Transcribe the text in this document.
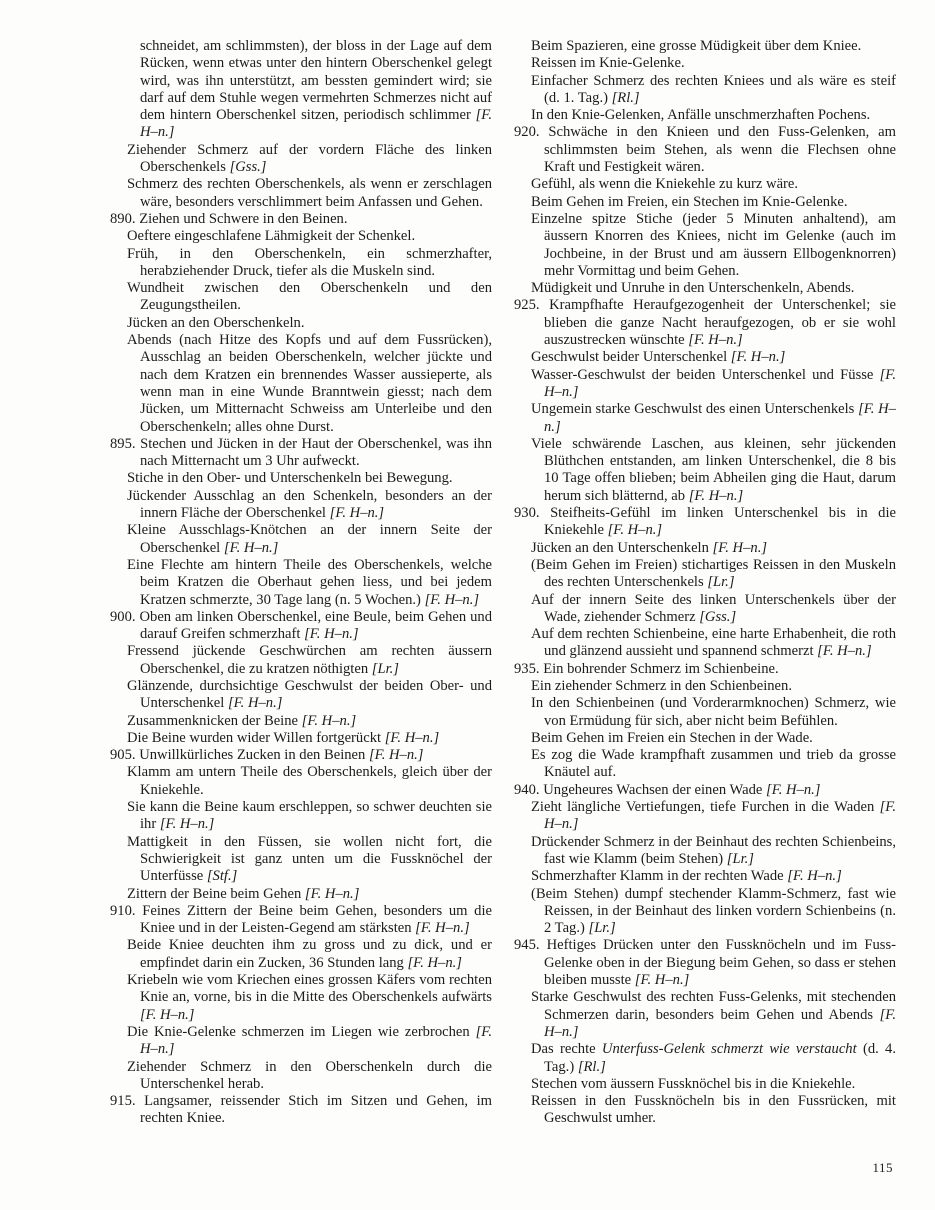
schneidet, am schlimmsten), der bloss in der Lage auf dem Rücken, wenn etwas unter den hintern Oberschenkel gelegt wird, was ihn unterstützt, am bessten gemindert wird; sie darf auf dem Stuhle wegen vermehrten Schmerzes nicht auf dem hintern Oberschenkel sitzen, periodisch schlimmer [F. H–n.]

Ziehender Schmerz auf der vordern Fläche des linken Oberschenkels [Gss.]

Schmerz des rechten Oberschenkels, als wenn er zerschlagen wäre, besonders verschlimmert beim Anfassen und Gehen.

890. Ziehen und Schwere in den Beinen.

Oeftere eingeschlafene Lähmigkeit der Schenkel.

Früh, in den Oberschenkeln, ein schmerzhafter, herabziehender Druck, tiefer als die Muskeln sind.

Wundheit zwischen den Oberschenkeln und den Zeugungstheilen.

Jücken an den Oberschenkeln.

Abends (nach Hitze des Kopfs und auf dem Fussrücken), Ausschlag an beiden Oberschenkeln, welcher jückte und nach dem Kratzen ein brennendes Wasser aussieperte, als wenn man in eine Wunde Branntwein giesst; nach dem Jücken, um Mitternacht Schweiss am Unterleibe und den Oberschenkeln; alles ohne Durst.

895. Stechen und Jücken in der Haut der Oberschenkel, was ihn nach Mitternacht um 3 Uhr aufweckt.

Stiche in den Ober- und Unterschenkeln bei Bewegung.

Jückender Ausschlag an den Schenkeln, besonders an der innern Fläche der Oberschenkel [F. H–n.]

Kleine Ausschlags-Knötchen an der innern Seite der Oberschenkel [F. H–n.]

Eine Flechte am hintern Theile des Oberschenkels, welche beim Kratzen die Oberhaut gehen liess, und bei jedem Kratzen schmerzte, 30 Tage lang (n. 5 Wochen.) [F. H–n.]

900. Oben am linken Oberschenkel, eine Beule, beim Gehen und darauf Greifen schmerzhaft [F. H–n.]

Fressend jückende Geschwürchen am rechten äussern Oberschenkel, die zu kratzen nöthigten [Lr.]

Glänzende, durchsichtige Geschwulst der beiden Ober- und Unterschenkel [F. H–n.]

Zusammenknicken der Beine [F. H–n.]

Die Beine wurden wider Willen fortgerückt [F. H–n.]

905. Unwillkürliches Zucken in den Beinen [F. H–n.]

Klamm am untern Theile des Oberschenkels, gleich über der Kniekehle.

Sie kann die Beine kaum erschleppen, so schwer deuchten sie ihr [F. H–n.]

Mattigkeit in den Füssen, sie wollen nicht fort, die Schwierigkeit ist ganz unten um die Fussknöchel der Unterfüsse [Stf.]

Zittern der Beine beim Gehen [F. H–n.]

910. Feines Zittern der Beine beim Gehen, besonders um die Kniee und in der Leisten-Gegend am stärksten [F. H–n.]

Beide Kniee deuchten ihm zu gross und zu dick, und er empfindet darin ein Zucken, 36 Stunden lang [F. H–n.]

Kriebeln wie vom Kriechen eines grossen Käfers vom rechten Knie an, vorne, bis in die Mitte des Oberschenkels aufwärts [F. H–n.]

Die Knie-Gelenke schmerzen im Liegen wie zerbrochen [F. H–n.]

Ziehender Schmerz in den Oberschenkeln durch die Unterschenkel herab.

915. Langsamer, reissender Stich im Sitzen und Gehen, im rechten Kniee.

Beim Spazieren, eine grosse Müdigkeit über dem Kniee.

Reissen im Knie-Gelenke.

Einfacher Schmerz des rechten Kniees und als wäre es steif (d. 1. Tag.) [Rl.]

In den Knie-Gelenken, Anfälle unschmerzhaften Pochens.

920. Schwäche in den Knieen und den Fuss-Gelenken, am schlimmsten beim Stehen, als wenn die Flechsen ohne Kraft und Festigkeit wären.

Gefühl, als wenn die Kniekehle zu kurz wäre.

Beim Gehen im Freien, ein Stechen im Knie-Gelenke.

Einzelne spitze Stiche (jeder 5 Minuten anhaltend), am äussern Knorren des Kniees, nicht im Gelenke (auch im Jochbeine, in der Brust und am äussern Ellbogenknorren) mehr Vormittag und beim Gehen.

Müdigkeit und Unruhe in den Unterschenkeln, Abends.

925. Krampfhafte Heraufgezogenheit der Unterschenkel; sie blieben die ganze Nacht heraufgezogen, ob er sie wohl auszustrecken wünschte [F. H–n.]

Geschwulst beider Unterschenkel [F. H–n.]

Wasser-Geschwulst der beiden Unterschenkel und Füsse [F. H–n.]

Ungemein starke Geschwulst des einen Unterschenkels [F. H–n.]

Viele schwärende Laschen, aus kleinen, sehr jückenden Blüthchen entstanden, am linken Unterschenkel, die 8 bis 10 Tage offen blieben; beim Abheilen ging die Haut, darum herum sich blätternd, ab [F. H–n.]

930. Steifheits-Gefühl im linken Unterschenkel bis in die Kniekehle [F. H–n.]

Jücken an den Unterschenkeln [F. H–n.]

(Beim Gehen im Freien) stichartiges Reissen in den Muskeln des rechten Unterschenkels [Lr.]

Auf der innern Seite des linken Unterschenkels über der Wade, ziehender Schmerz [Gss.]

Auf dem rechten Schienbeine, eine harte Erhabenheit, die roth und glänzend aussieht und spannend schmerzt [F. H–n.]

935. Ein bohrender Schmerz im Schienbeine.

Ein ziehender Schmerz in den Schienbeinen.

In den Schienbeinen (und Vorderarmknochen) Schmerz, wie von Ermüdung für sich, aber nicht beim Befühlen.

Beim Gehen im Freien ein Stechen in der Wade.

Es zog die Wade krampfhaft zusammen und trieb da grosse Knäutel auf.

940. Ungeheures Wachsen der einen Wade [F. H–n.]

Zieht längliche Vertiefungen, tiefe Furchen in die Waden [F. H–n.]

Drückender Schmerz in der Beinhaut des rechten Schienbeins, fast wie Klamm (beim Stehen) [Lr.]

Schmerzhafter Klamm in der rechten Wade [F. H–n.]

(Beim Stehen) dumpf stechender Klamm-Schmerz, fast wie Reissen, in der Beinhaut des linken vordern Schienbeins (n. 2 Tag.) [Lr.]

945. Heftiges Drücken unter den Fussknöcheln und im Fuss-Gelenke oben in der Biegung beim Gehen, so dass er stehen bleiben musste [F. H–n.]

Starke Geschwulst des rechten Fuss-Gelenks, mit stechenden Schmerzen darin, besonders beim Gehen und Abends [F. H–n.]

Das rechte Unterfuss-Gelenk schmerzt wie verstaucht (d. 4. Tag.) [Rl.]

Stechen vom äussern Fussknöchel bis in die Kniekehle.

Reissen in den Fussknöcheln bis in den Fussrücken, mit Geschwulst umher.

115
